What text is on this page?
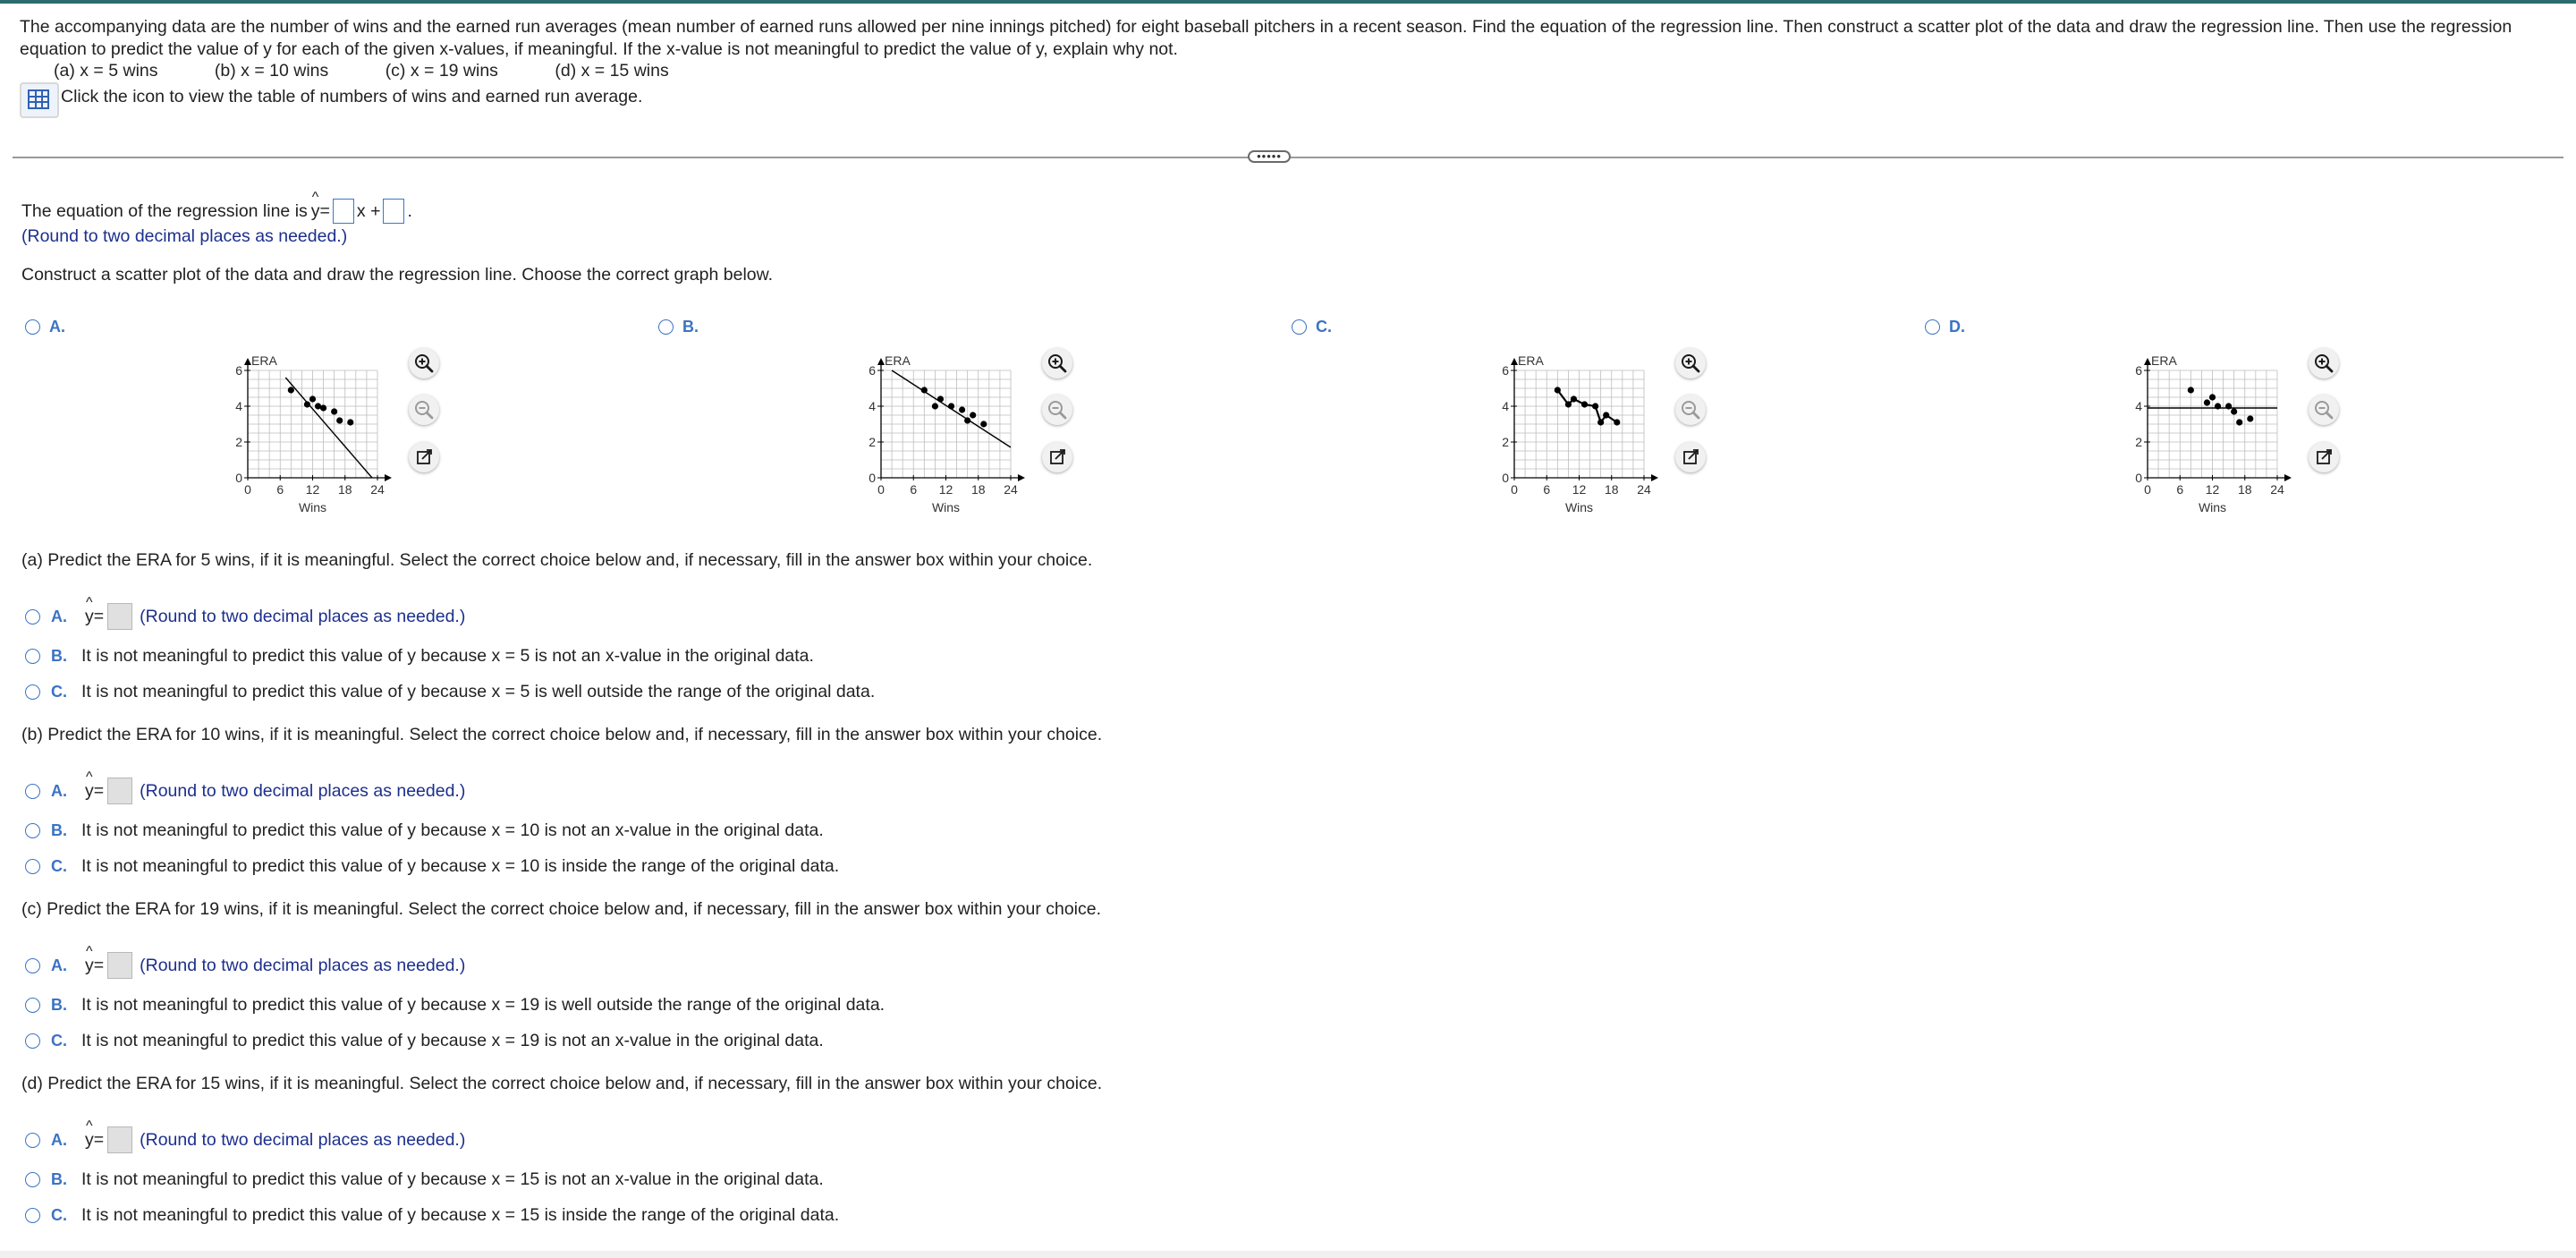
The accompanying data are the number of wins and the earned run averages (mean number of earned runs allowed per nine innings pitched) for eight baseball pitchers in a recent season. Find the equation of the regression line. Then construct a scatter plot of the data and draw the regression line. Then use the regression equation to predict the value of y for each of the given x-values, if meaningful. If the x-value is not meaningful to predict the value of y, explain why not.
(a) x = 5 wins	(b) x = 10 wins	(c) x = 19 wins	(d) x = 15 wins
Click the icon to view the table of numbers of wins and earned run average.
•••••
The equation of the regression line is ^ y = x + .
(Round to two decimal places as needed.)
Construct a scatter plot of the data and draw the regression line. Choose the correct graph below.
A.	B.	C.	D.
0 6 12 18 24
0
2
4
6
ERA
Wins
0 6 12 18 24
0
2
4
6
ERA
Wins
0 6 12 18 24
0
2
4
6
ERA
Wins
0 6 12 18 24
0
2
4
6
ERA
Wins
(a) Predict the ERA for 5 wins, if it is meaningful. Select the correct choice below and, if necessary, fill in the answer box within your choice.
A. ^ y = (Round to two decimal places as needed.)
B. It is not meaningful to predict this value of y because x = 5 is not an x-value in the original data.
C. It is not meaningful to predict this value of y because x = 5 is well outside the range of the original data.
(b) Predict the ERA for 10 wins, if it is meaningful. Select the correct choice below and, if necessary, fill in the answer box within your choice.
A. ^ y = (Round to two decimal places as needed.)
B. It is not meaningful to predict this value of y because x = 10 is not an x-value in the original data.
C. It is not meaningful to predict this value of y because x = 10 is inside the range of the original data.
(c) Predict the ERA for 19 wins, if it is meaningful. Select the correct choice below and, if necessary, fill in the answer box within your choice.
A. ^ y = (Round to two decimal places as needed.)
B. It is not meaningful to predict this value of y because x = 19 is well outside the range of the original data.
C. It is not meaningful to predict this value of y because x = 19 is not an x-value in the original data.
(d) Predict the ERA for 15 wins, if it is meaningful. Select the correct choice below and, if necessary, fill in the answer box within your choice.
A. ^ y = (Round to two decimal places as needed.)
B. It is not meaningful to predict this value of y because x = 15 is not an x-value in the original data.
C. It is not meaningful to predict this value of y because x = 15 is inside the range of the original data.
